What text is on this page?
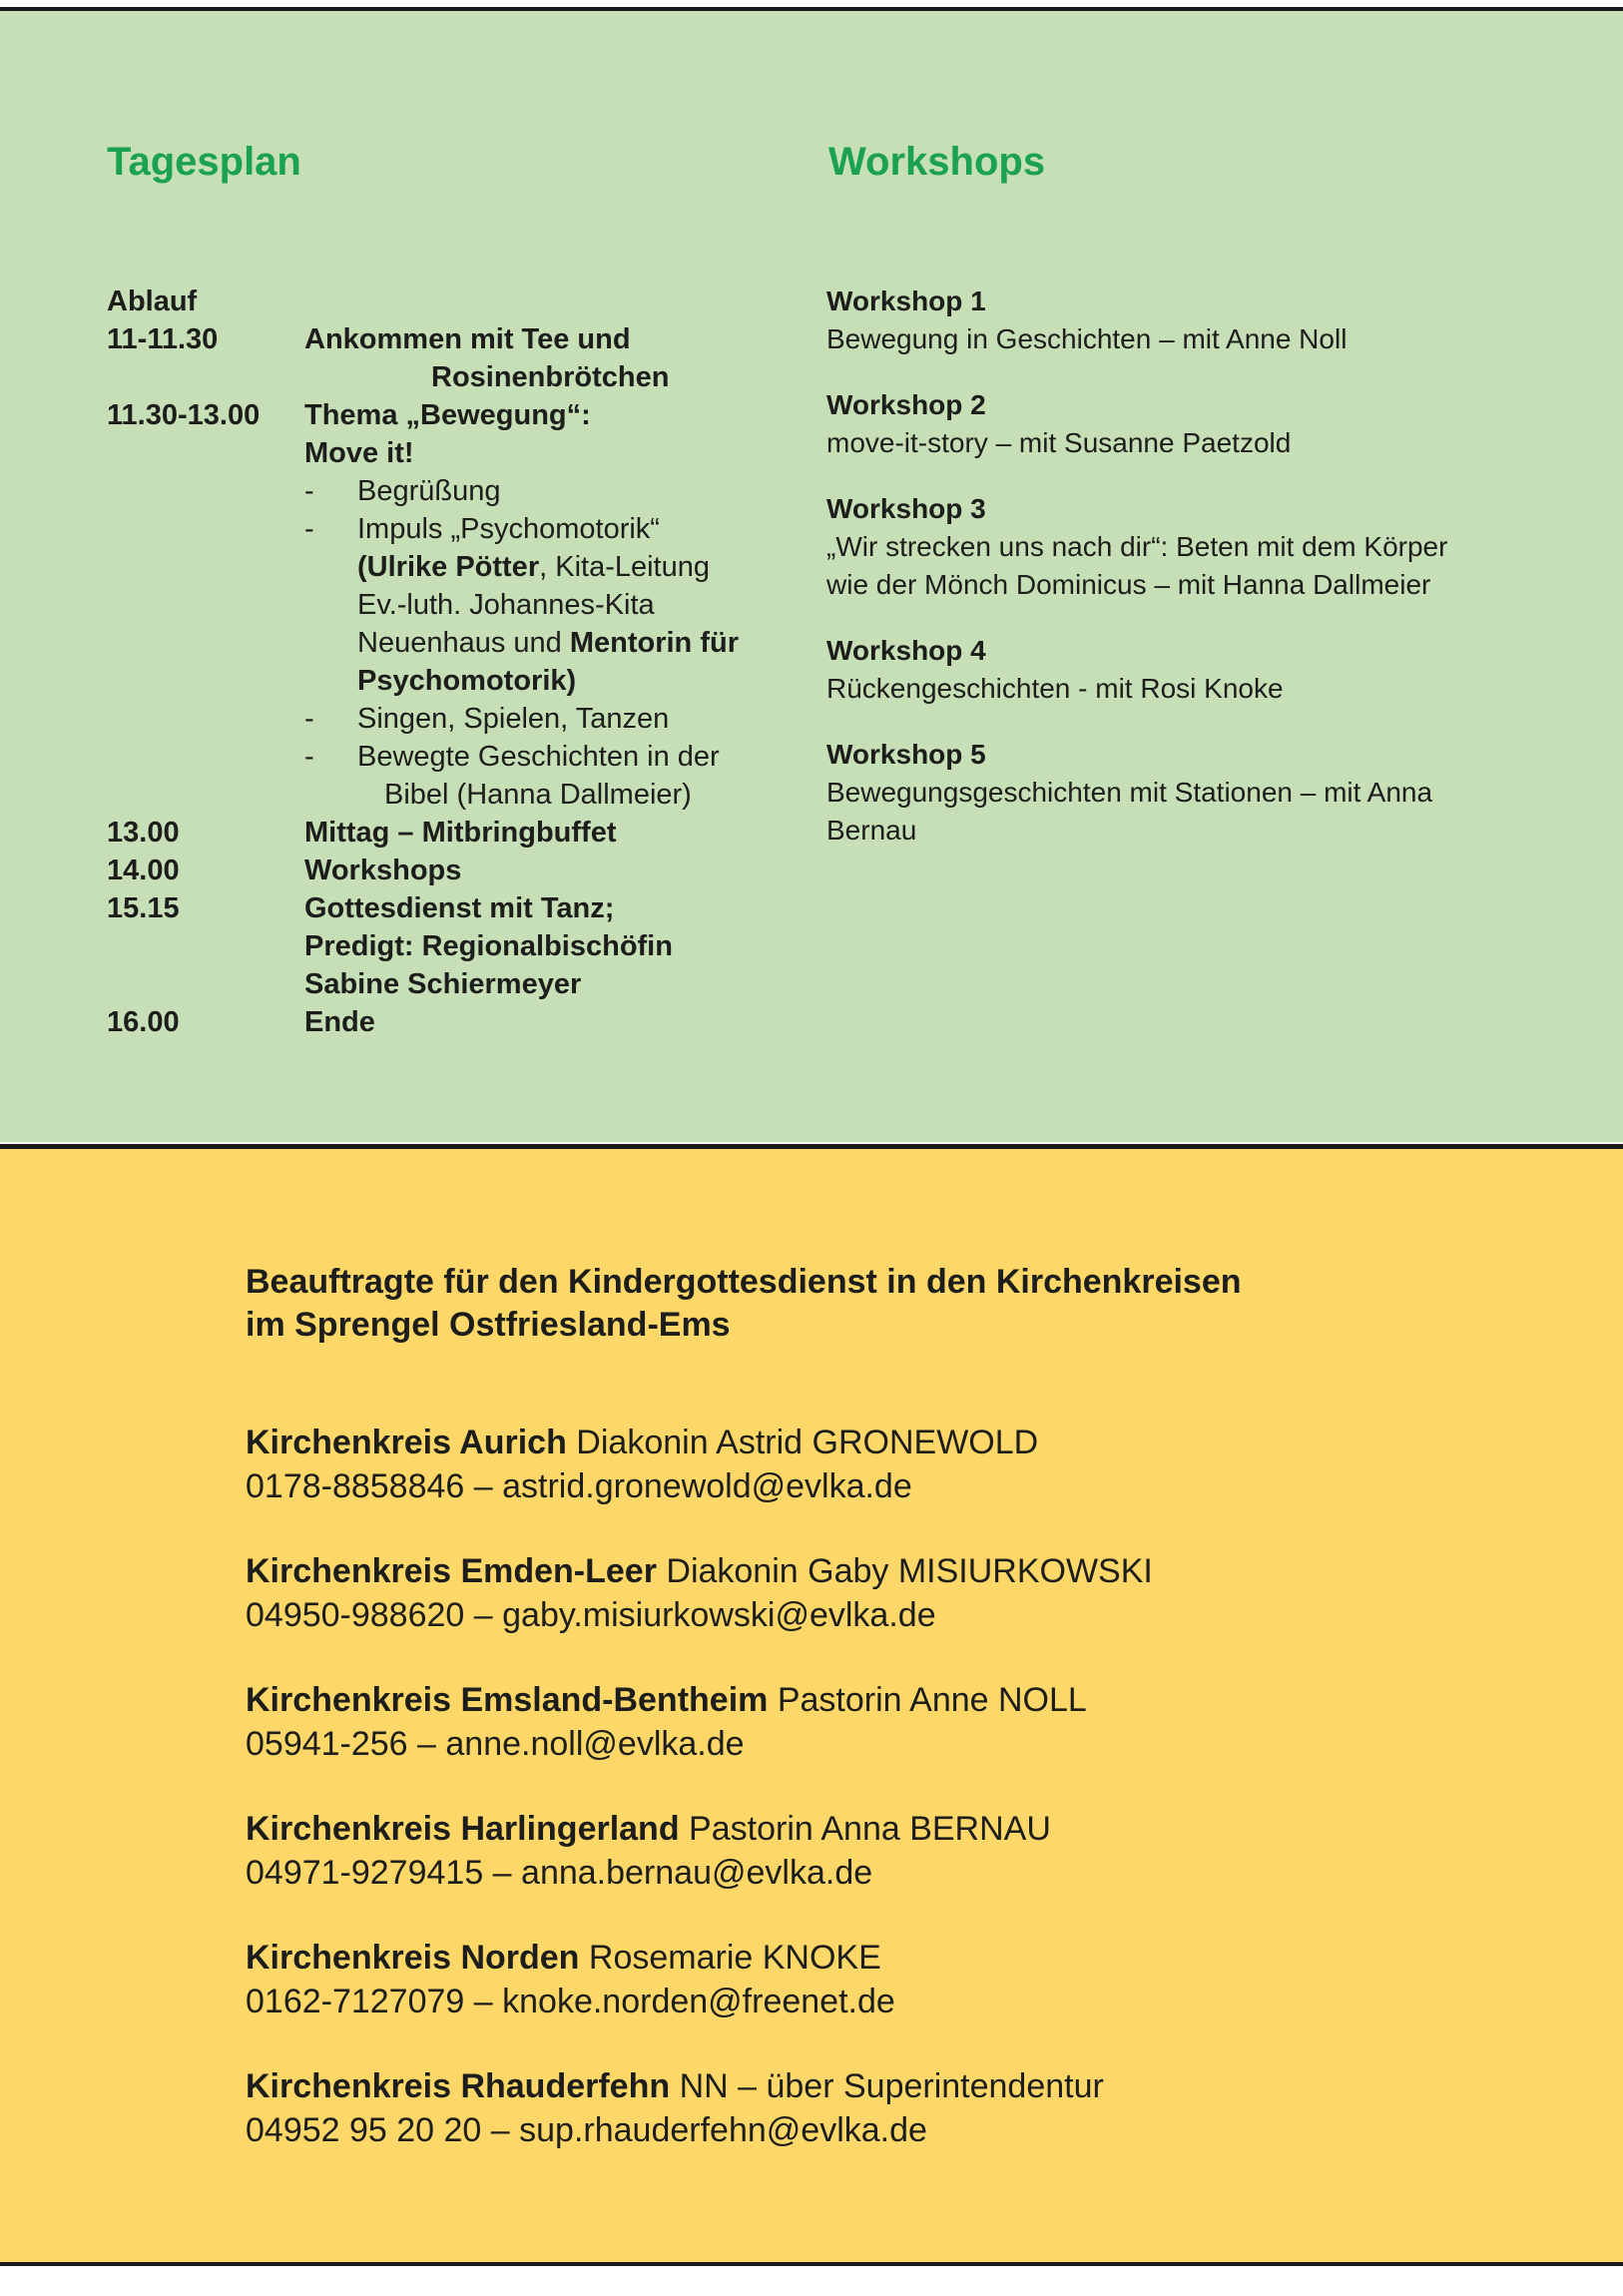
Tagesplan	Workshops
Ablauf
11-11.30	Ankommen mit Tee und
Rosinenbrötchen
11.30-13.00	Thema „Bewegung“:
Move it!
- Begrüßung
- Impuls „Psychomotorik“
(Ulrike Pötter, Kita-Leitung
Ev.-luth. Johannes-Kita
Neuenhaus und Mentorin für
Psychomotorik)
- Singen, Spielen, Tanzen
- Bewegte Geschichten in der
Bibel (Hanna Dallmeier)
13.00	Mittag – Mitbringbuffet
14.00	Workshops
15.15	Gottesdienst mit Tanz;
Predigt: Regionalbischöfin
Sabine Schiermeyer
16.00	Ende
Workshop 1
Bewegung in Geschichten – mit Anne Noll
Workshop 2
move-it-story – mit Susanne Paetzold
Workshop 3
„Wir strecken uns nach dir“: Beten mit dem Körper
wie der Mönch Dominicus – mit Hanna Dallmeier
Workshop 4
Rückengeschichten - mit Rosi Knoke
Workshop 5
Bewegungsgeschichten mit Stationen – mit Anna
Bernau
Beauftragte für den Kindergottesdienst in den Kirchenkreisen
im Sprengel Ostfriesland-Ems
Kirchenkreis Aurich Diakonin Astrid GRONEWOLD
0178-8858846 – astrid.gronewold@evlka.de
Kirchenkreis Emden-Leer Diakonin Gaby MISIURKOWSKI
04950-988620 – gaby.misiurkowski@evlka.de
Kirchenkreis Emsland-Bentheim Pastorin Anne NOLL
05941-256 – anne.noll@evlka.de
Kirchenkreis Harlingerland Pastorin Anna BERNAU
04971-9279415 – anna.bernau@evlka.de
Kirchenkreis Norden Rosemarie KNOKE
0162-7127079 – knoke.norden@freenet.de
Kirchenkreis Rhauderfehn NN – über Superintendentur
04952 95 20 20 – sup.rhauderfehn@evlka.de
